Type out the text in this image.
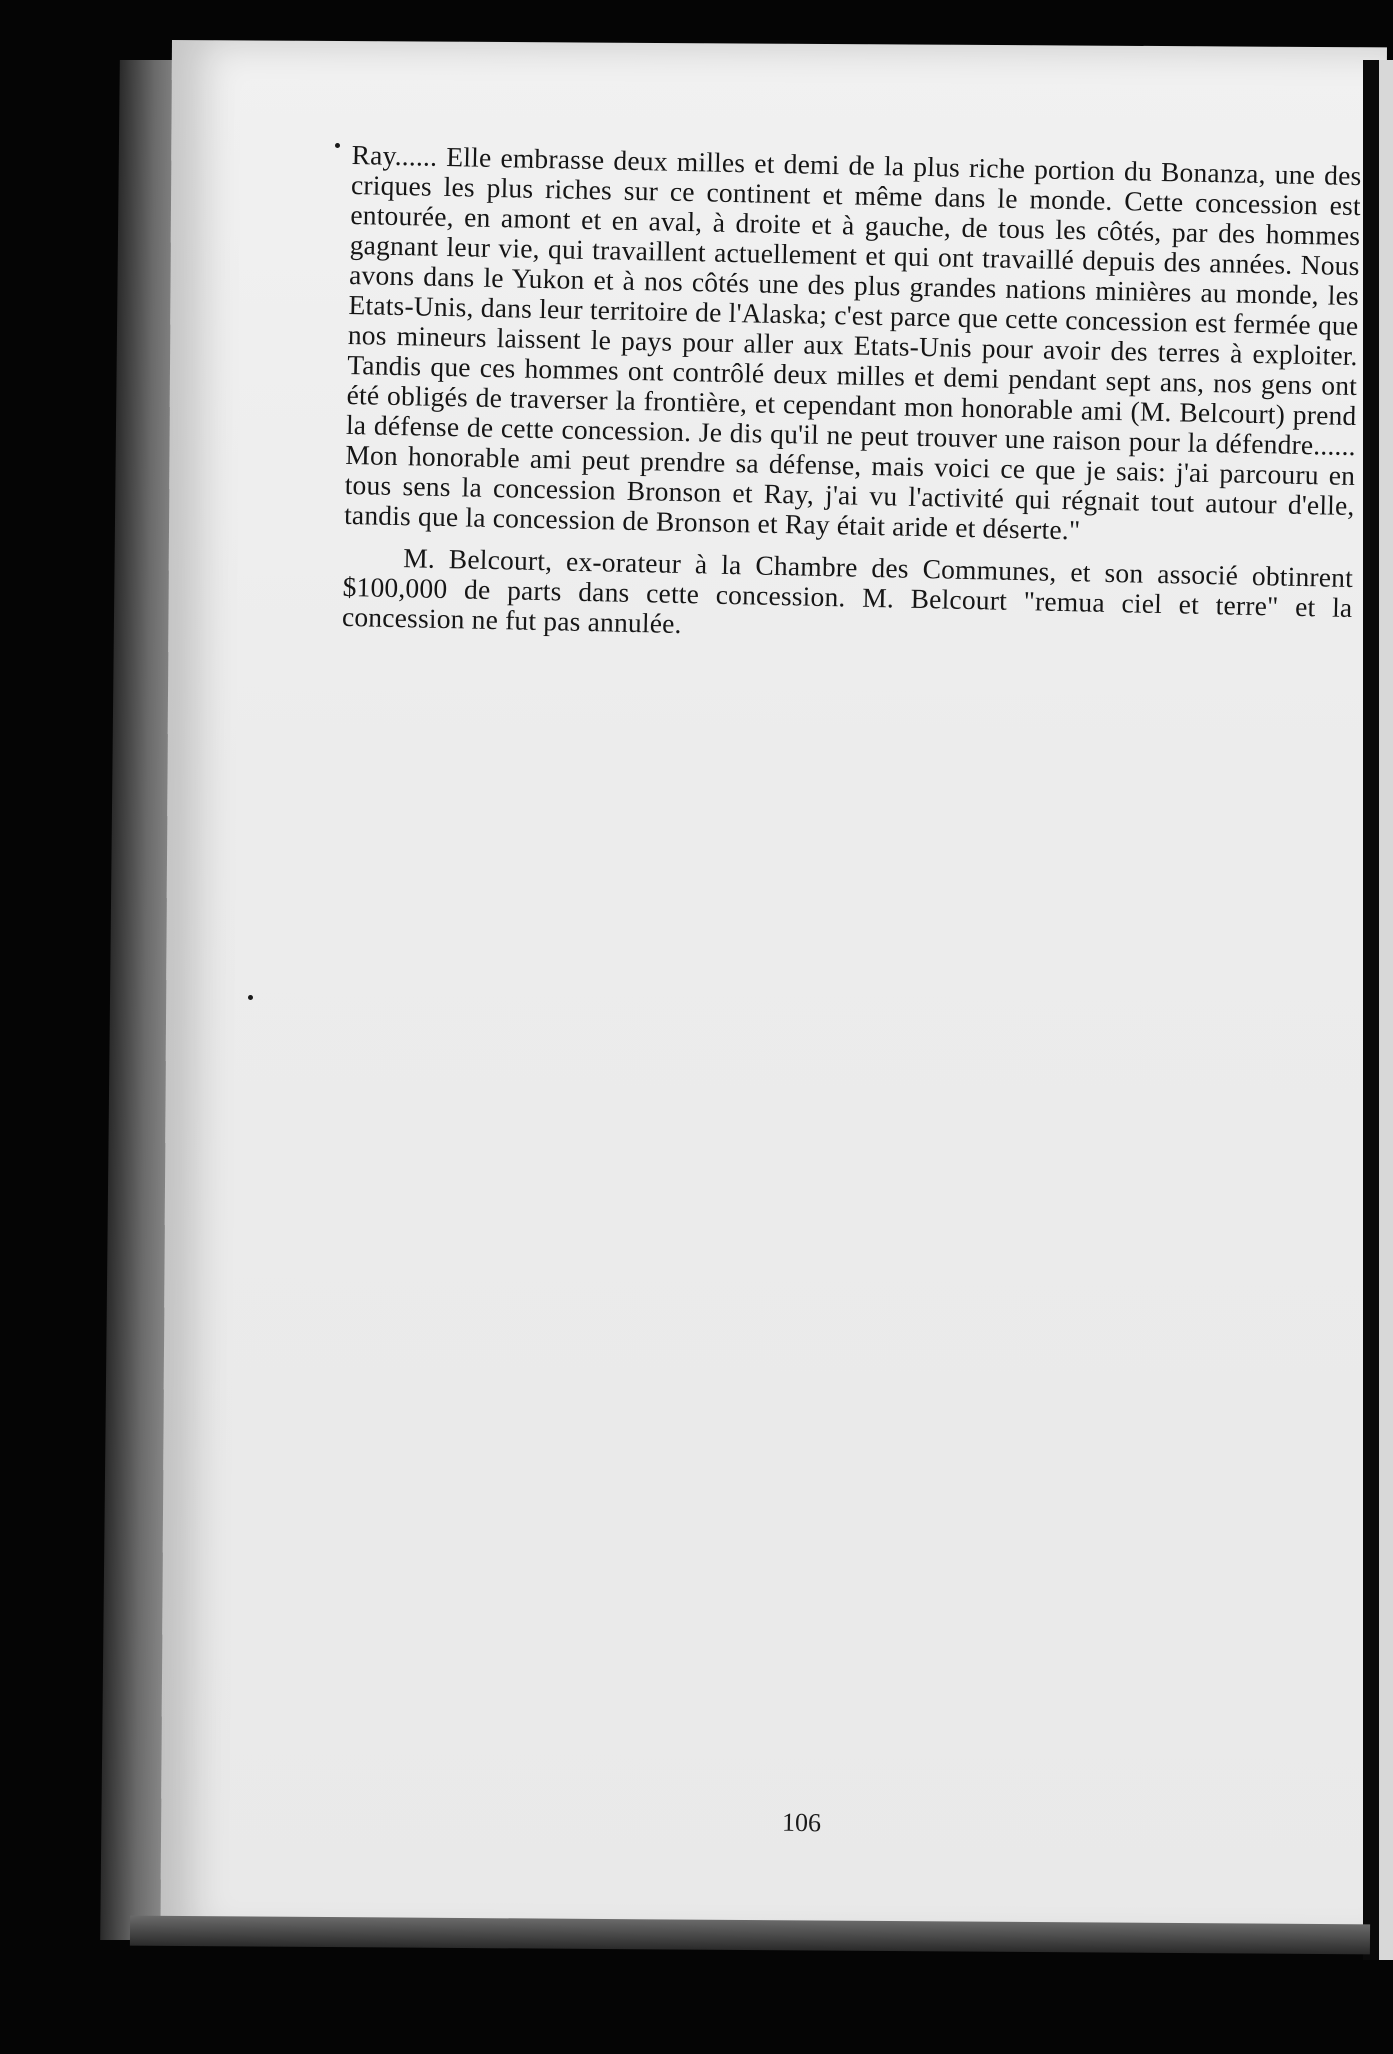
Ray...... Elle embrasse deux milles et demi de la plus riche portion du Bonanza, une des criques les plus riches sur ce continent et même dans le monde. Cette concession est entourée, en amont et en aval, à droite et à gauche, de tous les côtés, par des hommes gagnant leur vie, qui travaillent actuellement et qui ont travaillé depuis des années. Nous avons dans le Yukon et à nos côtés une des plus grandes nations minières au monde, les Etats-Unis, dans leur territoire de l'Alaska; c'est parce que cette concession est fermée que nos mineurs laissent le pays pour aller aux Etats-Unis pour avoir des terres à exploiter. Tandis que ces hommes ont contrôlé deux milles et demi pendant sept ans, nos gens ont été obligés de traverser la frontière, et cependant mon honorable ami (M. Belcourt) prend la défense de cette concession. Je dis qu'il ne peut trouver une raison pour la défendre...... Mon honorable ami peut prendre sa défense, mais voici ce que je sais: j'ai parcouru en tous sens la concession Bronson et Ray, j'ai vu l'activité qui régnait tout autour d'elle, tandis que la concession de Bronson et Ray était aride et déserte."

M. Belcourt, ex-orateur à la Chambre des Communes, et son associé obtinrent $100,000 de parts dans cette concession. M. Belcourt "remua ciel et terre" et la concession ne fut pas annulée.

106
